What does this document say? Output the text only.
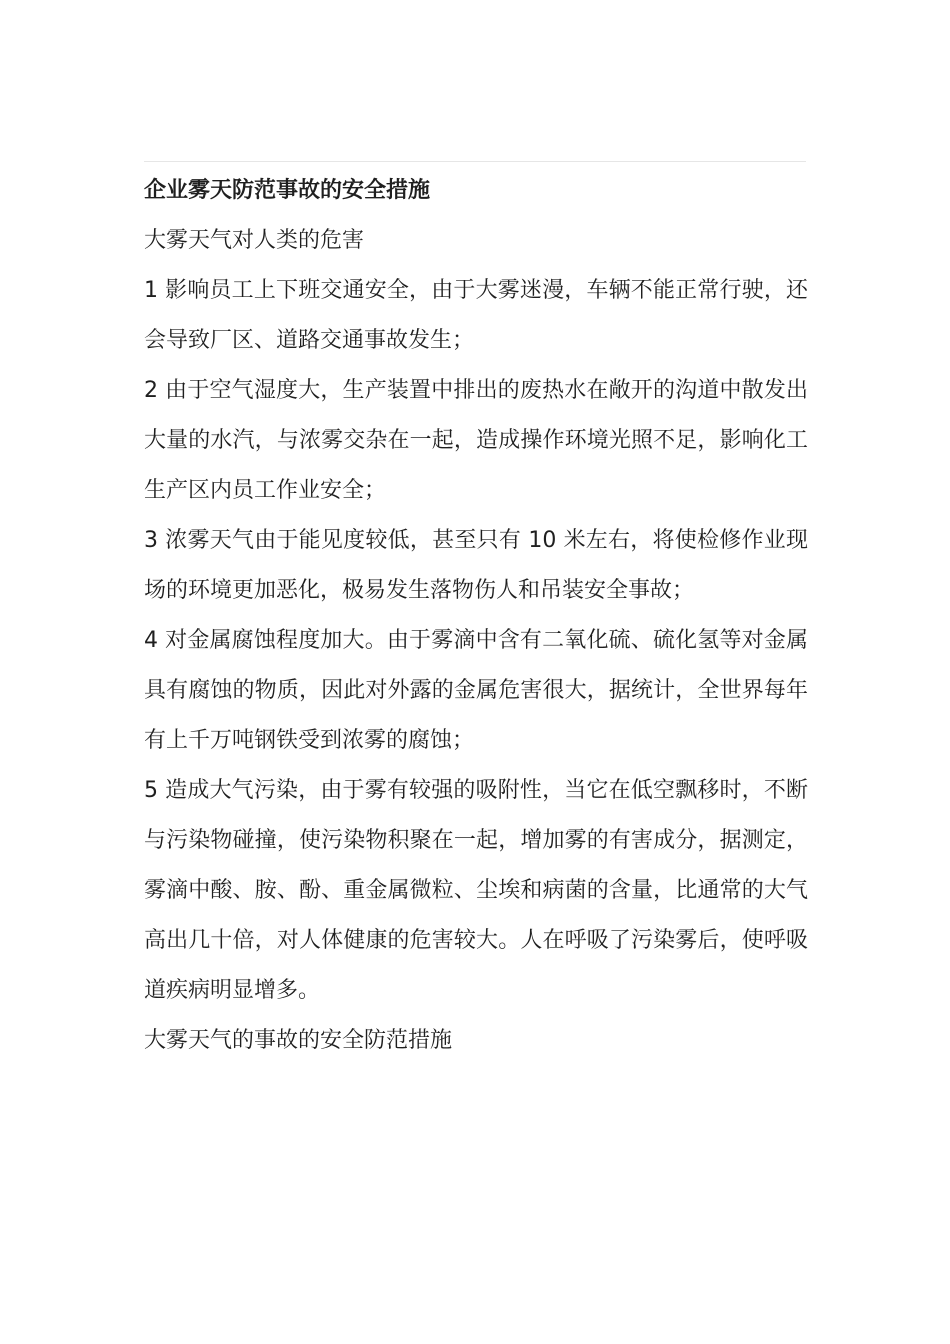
企业雾天防范事故的安全措施

大雾天气对人类的危害

1 影响员工上下班交通安全，由于大雾迷漫，车辆不能正常行驶，还会导致厂区、道路交通事故发生；

2 由于空气湿度大，生产装置中排出的废热水在敞开的沟道中散发出大量的水汽，与浓雾交杂在一起，造成操作环境光照不足，影响化工生产区内员工作业安全；

3 浓雾天气由于能见度较低，甚至只有 10 米左右，将使检修作业现场的环境更加恶化，极易发生落物伤人和吊装安全事故；

4 对金属腐蚀程度加大。由于雾滴中含有二氧化硫、硫化氢等对金属具有腐蚀的物质，因此对外露的金属危害很大，据统计，全世界每年有上千万吨钢铁受到浓雾的腐蚀；

5 造成大气污染，由于雾有较强的吸附性，当它在低空飘移时，不断与污染物碰撞，使污染物积聚在一起，增加雾的有害成分，据测定，雾滴中酸、胺、酚、重金属微粒、尘埃和病菌的含量，比通常的大气高出几十倍，对人体健康的危害较大。人在呼吸了污染雾后，使呼吸道疾病明显增多。

大雾天气的事故的安全防范措施
